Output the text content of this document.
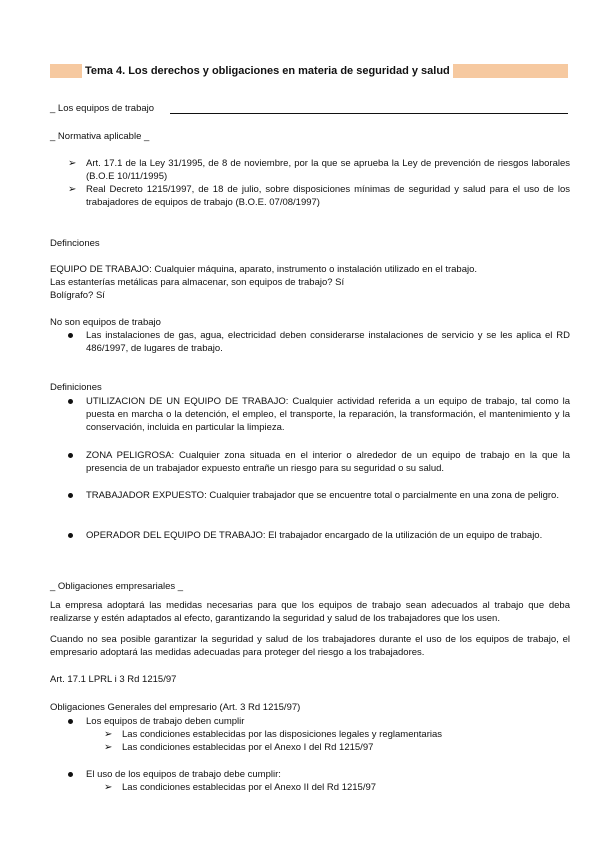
Tema 4. Los derechos y obligaciones en materia de seguridad y salud
_ Los equipos de trabajo
_ Normativa aplicable _
➢	Art. 17.1 de la Ley 31/1995, de 8 de noviembre, por la que se aprueba la Ley de prevención de riesgos laborales (B.O.E 10/11/1995)
➢	Real Decreto 1215/1997, de 18 de julio, sobre disposiciones mínimas de seguridad y salud para el uso de los trabajadores de equipos de trabajo (B.O.E. 07/08/1997)
Definciones
EQUIPO DE TRABAJO: Cualquier máquina, aparato, instrumento o instalación utilizado en el trabajo.
Las estanterías metálicas para almacenar, son equipos de trabajo? Sí
Bolígrafo? Sí
No son equipos de trabajo
Las instalaciones de gas, agua, electricidad deben considerarse instalaciones de servicio y se les aplica el RD 486/1997, de lugares de trabajo.
Definiciones
UTILIZACION DE UN EQUIPO DE TRABAJO: Cualquier actividad referida a un equipo de trabajo, tal como la puesta en marcha o la detención, el empleo, el transporte, la reparación, la transformación, el mantenimiento y la conservación, incluida en particular la limpieza.
ZONA PELIGROSA: Cualquier zona situada en el interior o alrededor de un equipo de trabajo en la que la presencia de un trabajador expuesto entrañe un riesgo para su seguridad o su salud.
TRABAJADOR EXPUESTO: Cualquier trabajador que se encuentre total o parcialmente en una zona de peligro.
OPERADOR DEL EQUIPO DE TRABAJO: El trabajador encargado de la utilización de un equipo de trabajo.
_ Obligaciones empresariales _
La empresa adoptará las medidas necesarias para que los equipos de trabajo sean adecuados al trabajo que deba realizarse y estén adaptados al efecto, garantizando la seguridad y salud de los trabajadores que los usen.
Cuando no sea posible garantizar la seguridad y salud de los trabajadores durante el uso de los equipos de trabajo, el empresario adoptará las medidas adecuadas para proteger del riesgo a los trabajadores.
Art. 17.1 LPRL i 3 Rd 1215/97
Obligaciones Generales del empresario (Art. 3 Rd 1215/97)
Los equipos de trabajo deben cumplir
➢	Las condiciones establecidas por las disposiciones legales y reglamentarias
➢	Las condiciones establecidas por el Anexo I del Rd 1215/97
El uso de los equipos de trabajo debe cumplir:
➢	Las condiciones establecidas por el Anexo II del Rd 1215/97
